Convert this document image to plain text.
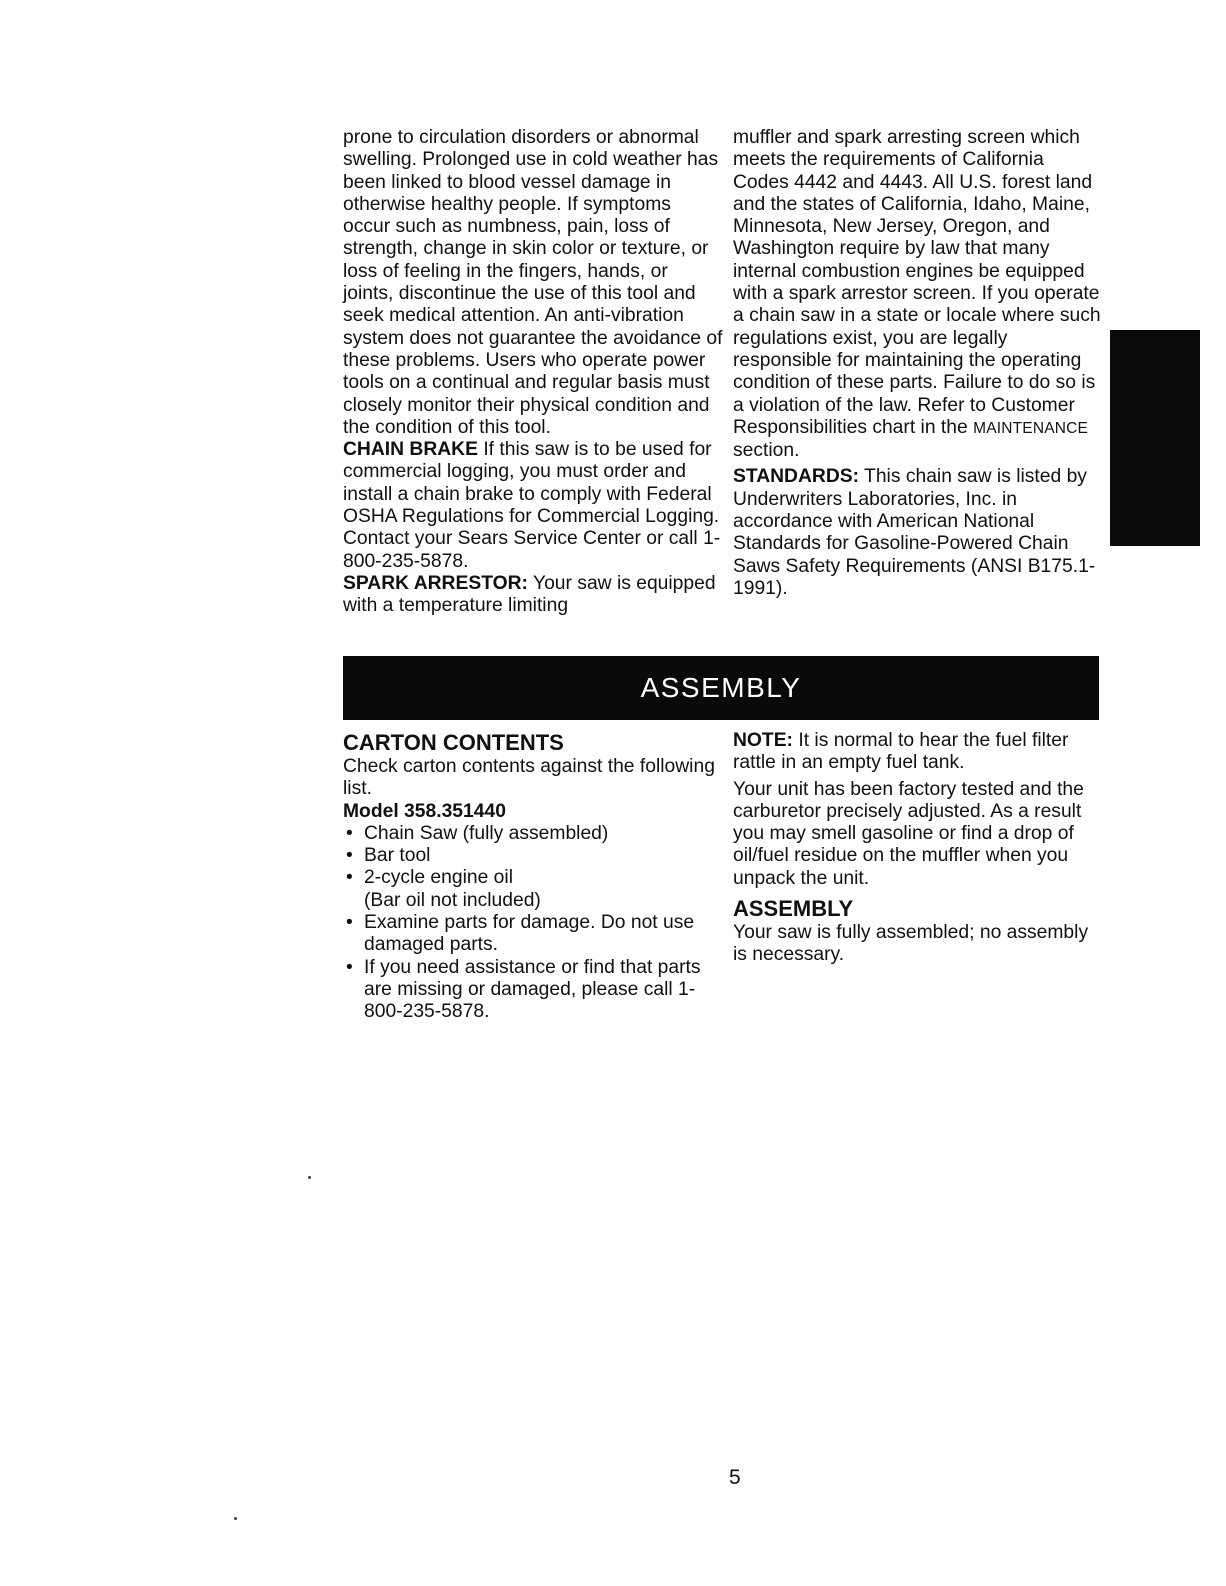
prone to circulation disorders or abnormal swelling. Prolonged use in cold weather has been linked to blood vessel damage in otherwise healthy people. If symptoms occur such as numbness, pain, loss of strength, change in skin color or texture, or loss of feeling in the fingers, hands, or joints, discontinue the use of this tool and seek medical attention. An anti-vibration system does not guarantee the avoidance of these problems. Users who operate power tools on a continual and regular basis must closely monitor their physical condition and the condition of this tool.

CHAIN BRAKE If this saw is to be used for commercial logging, you must order and install a chain brake to comply with Federal OSHA Regulations for Commercial Logging. Contact your Sears Service Center or call 1-800-235-5878.

SPARK ARRESTOR: Your saw is equipped with a temperature limiting

muffler and spark arresting screen which meets the requirements of California Codes 4442 and 4443. All U.S. forest land and the states of California, Idaho, Maine, Minnesota, New Jersey, Oregon, and Washington require by law that many internal combustion engines be equipped with a spark arrestor screen. If you operate a chain saw in a state or locale where such regulations exist, you are legally responsible for maintaining the operating condition of these parts. Failure to do so is a violation of the law. Refer to Customer Responsibilities chart in the MAINTENANCE section.

STANDARDS: This chain saw is listed by Underwriters Laboratories, Inc. in accordance with American National Standards for Gasoline-Powered Chain Saws Safety Requirements (ANSI B175.1-1991).

ASSEMBLY
CARTON CONTENTS

Check carton contents against the following list.

Model 358.351440

• Chain Saw (fully assembled)
• Bar tool
• 2-cycle engine oil
(Bar oil not included)
• Examine parts for damage. Do not use damaged parts.
• If you need assistance or find that parts are missing or damaged, please call 1-800-235-5878.

NOTE: It is normal to hear the fuel filter rattle in an empty fuel tank.

Your unit has been factory tested and the carburetor precisely adjusted. As a result you may smell gasoline or find a drop of oil/fuel residue on the muffler when you unpack the unit.

ASSEMBLY

Your saw is fully assembled; no assembly is necessary.

5
